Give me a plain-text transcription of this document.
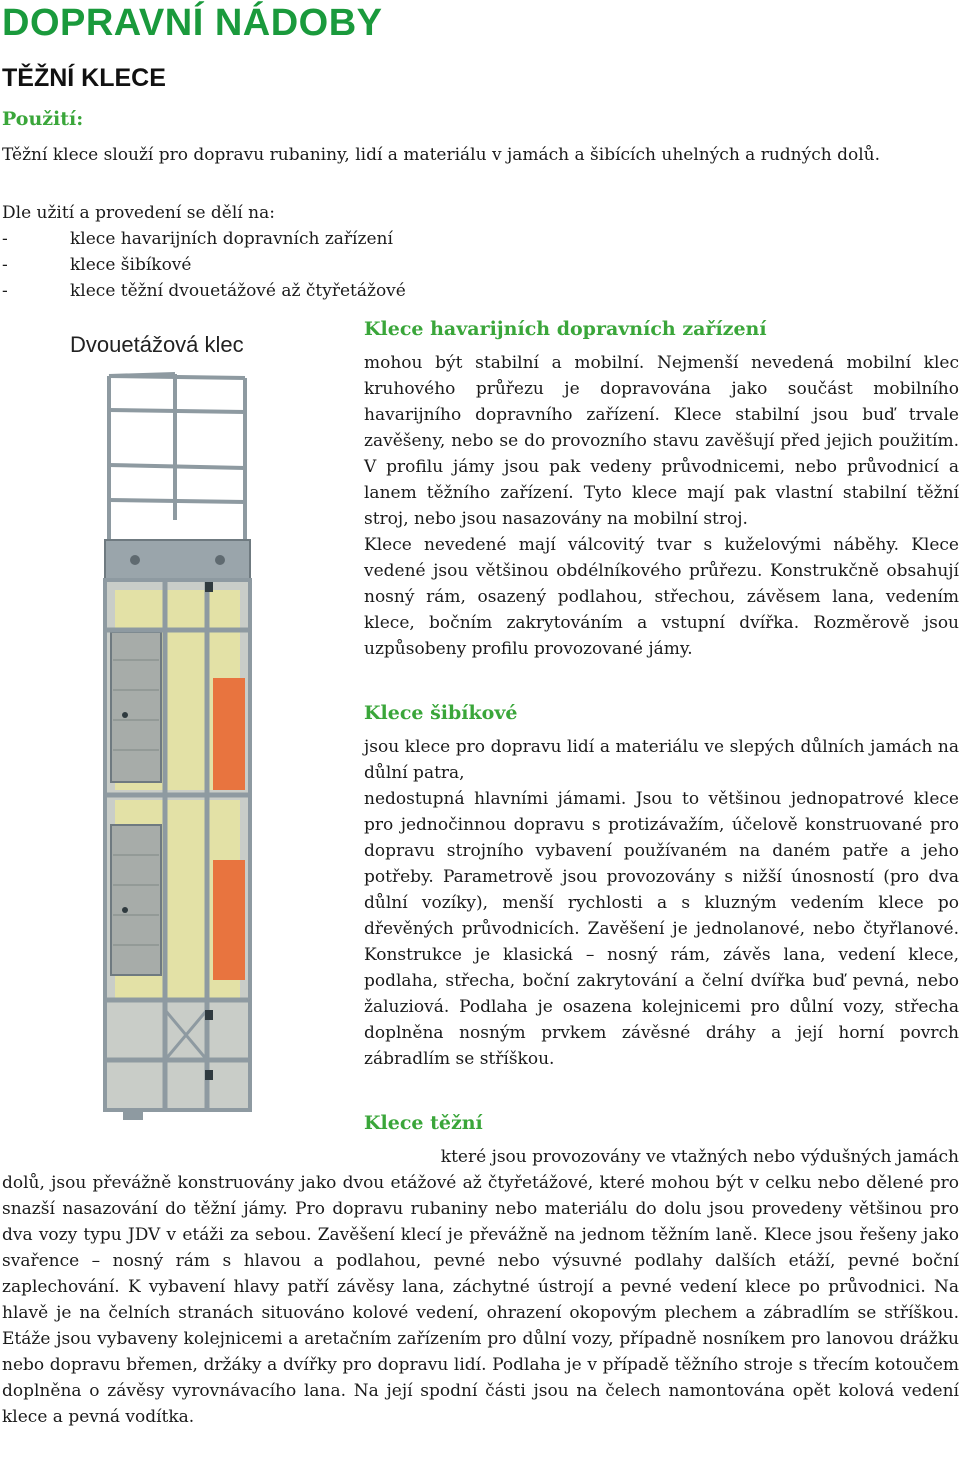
DOPRAVNÍ NÁDOBY
TĚŽNÍ KLECE
Použití:
Těžní klece slouží pro dopravu rubaniny, lidí a materiálu v jamách a šibících uhelných a rudných dolů.
Dle užití a provedení se dělí na:
-	klece havarijních dopravních zařízení
-	klece šibíkové
-	klece těžní dvouetážové až čtyřetážové
Dvouetážová klec
Klece havarijních dopravních zařízení
mohou být stabilní a mobilní. Nejmenší nevedená mobilní klec kruhového průřezu je dopravována jako součást mobilního havarijního dopravního zařízení. Klece stabilní jsou buď trvale zavěšeny, nebo se do provozního stavu zavěšují před jejich použitím. V profilu jámy jsou pak vedeny průvodnicemi, nebo průvodnicí a lanem těžního zařízení. Tyto klece mají pak vlastní stabilní těžní stroj, nebo jsou nasazovány na mobilní stroj.
Klece nevedené mají válcovitý tvar s kuželovými náběhy. Klece vedené jsou většinou obdélníkového průřezu. Konstrukčně obsahují nosný rám, osazený podlahou, střechou, závěsem lana, vedením klece, bočním zakrytováním a vstupní dvířka. Rozměrově jsou uzpůsobeny profilu provozované jámy.
Klece šibíkové
jsou klece pro dopravu lidí a materiálu ve slepých důlních jamách na důlní patra,
nedostupná hlavními jámami. Jsou to většinou jednopatrové klece pro jednočinnou dopravu s protizávažím, účelově konstruované pro dopravu strojního vybavení používaném na daném patře a jeho potřeby. Parametrově jsou provozovány s nižší únosností (pro dva důlní vozíky), menší rychlosti a s kluzným vedením klece po dřevěných průvodnicích. Zavěšení je jednolanové, nebo čtyřlanové. Konstrukce je klasická – nosný rám, závěs lana, vedení klece, podlaha, střecha, boční zakrytování a čelní dvířka buď pevná, nebo žaluziová. Podlaha je osazena kolejnicemi pro důlní vozy, střecha doplněna nosným prvkem závěsné dráhy a její horní povrch zábradlím se stříškou.
Klece těžní
které jsou provozovány ve vtažných nebo výdušných jamách
dolů, jsou převážně konstruovány jako dvou etážové až čtyřetážové, které mohou být v celku nebo dělené pro snazší nasazování do těžní jámy. Pro dopravu rubaniny nebo materiálu do dolu jsou provedeny většinou pro dva vozy typu JDV v etáži za sebou. Zavěšení klecí je převážně na jednom těžním laně. Klece jsou řešeny jako svařence – nosný rám s hlavou a podlahou, pevné nebo výsuvné podlahy dalších etáží, pevné boční zaplechování. K vybavení hlavy patří závěsy lana, záchytné ústrojí a pevné vedení klece po průvodnici. Na hlavě je na čelních stranách situováno kolové vedení, ohrazení okopovým plechem a zábradlím se stříškou. Etáže jsou vybaveny kolejnicemi a aretačním zařízením pro důlní vozy, případně nosníkem pro lanovou drážku nebo dopravu břemen, držáky a dvířky pro dopravu lidí. Podlaha je v případě těžního stroje s třecím kotoučem doplněna o závěsy vyrovnávacího lana. Na její spodní části jsou na čelech namontována opět kolová vedení klece a pevná vodítka.
